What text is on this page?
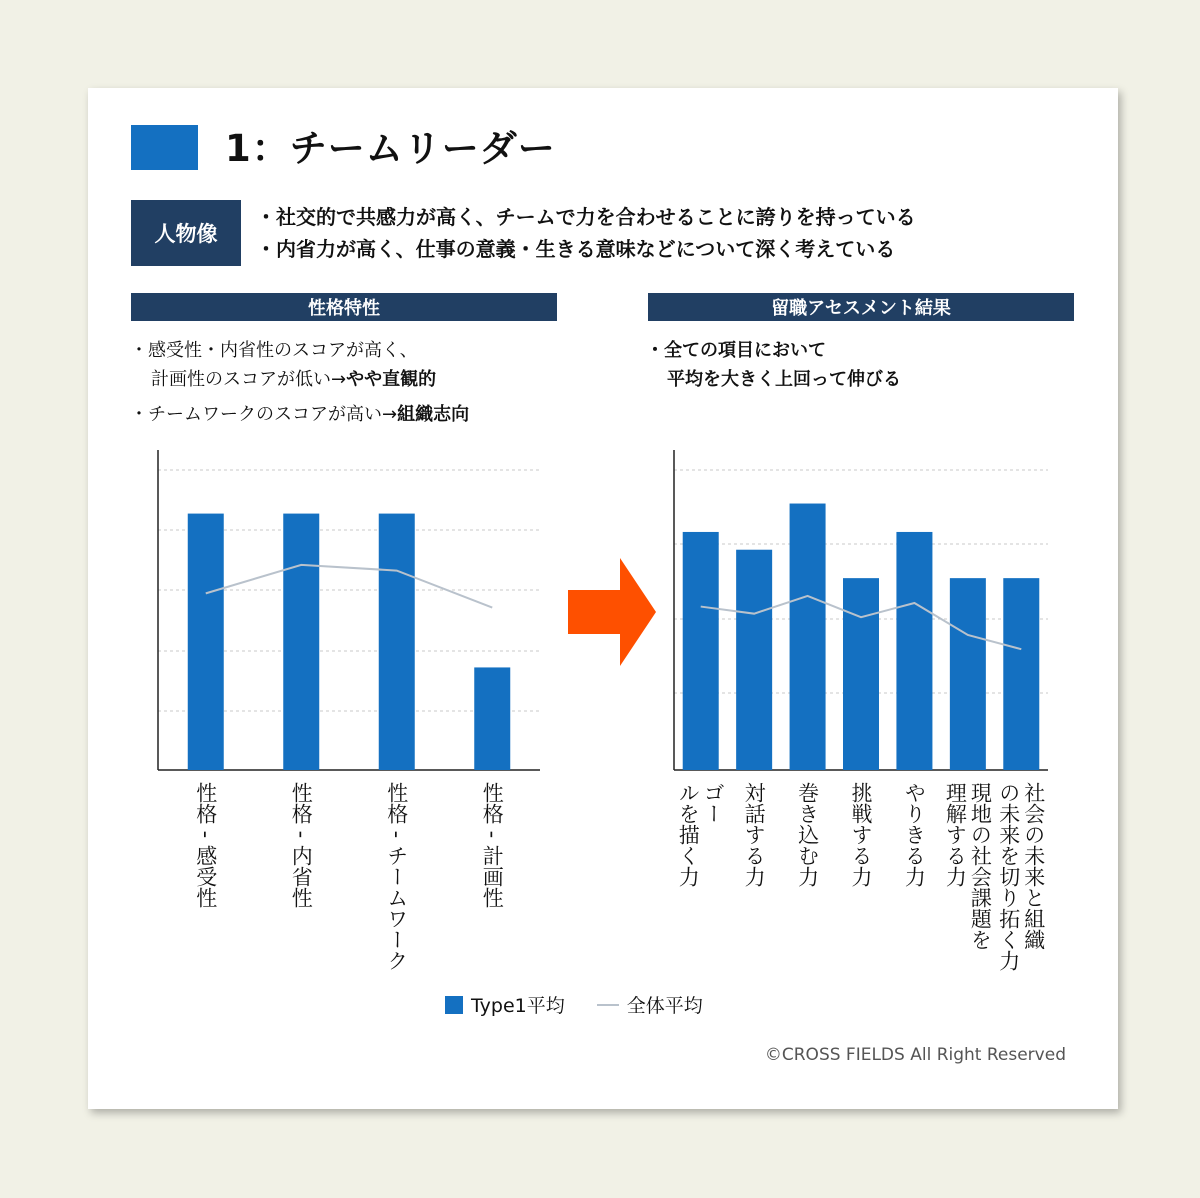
1：チームリーダー
人物像
・社交的で共感力が高く、チームで力を合わせることに誇りを持っている
・内省力が高く、仕事の意義・生きる意味などについて深く考えている
性格特性	留職アセスメント結果
・感受性・内省性のスコアが高く、
計画性のスコアが低い→やや直観的
・チームワークのスコアが高い→組織志向
・全ての項目において
平均を大きく上回って伸びる
性格 - 感受性	性格 - 内省性	性格 - チームワーク	性格 - 計画性	ゴー
ルを描く力 対話する力 巻き込む力 挑戦する力 やりきる力 現地の社会課題を
理解する力	社会の未来と組織
の未来を切り拓く力
Type1平均	全体平均
©CROSS FIELDS All Right Reserved
